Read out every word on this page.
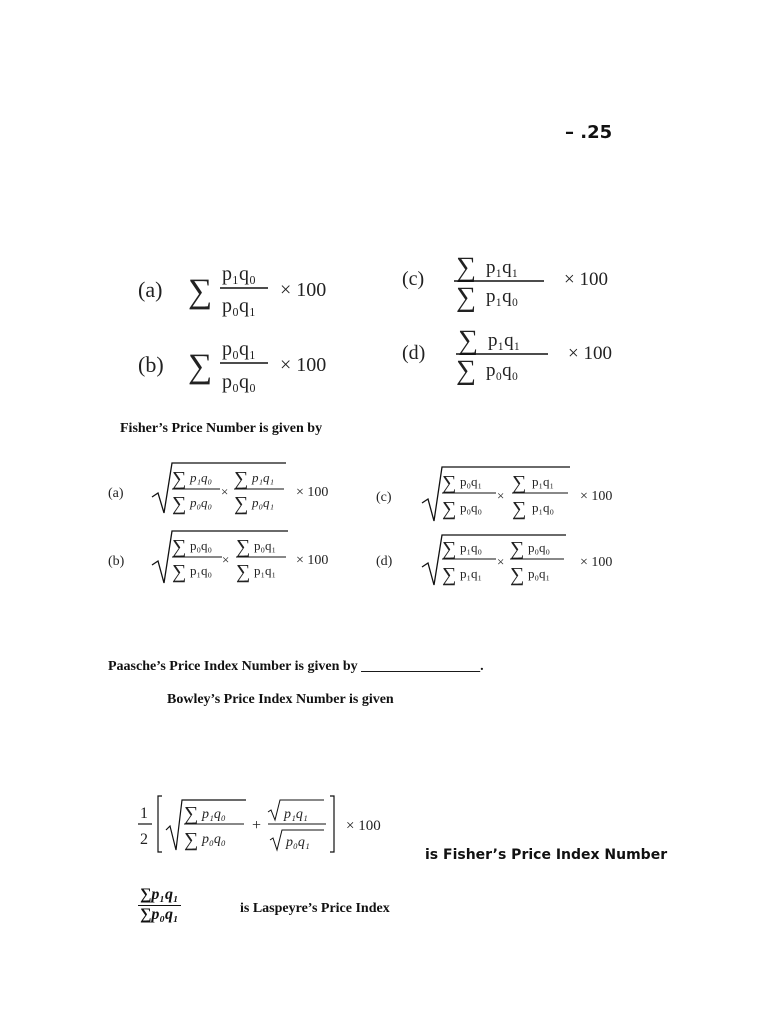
– .25
(a) ∑ p₁q₀
p₀q₁
× 100
(b) ∑ p₀q₁
p₀q₀
× 100
(c) ∑ p₁q₁
∑ p₁q₀
× 100
(d) ∑ p₁q₁
∑ p₀q₀
× 100
Fisher’s Price Number is given by
(a)
∑ p₁q₀
∑ p₀q₀
×
∑ p₁q₁
∑ p₀q₁
× 100
(b)
∑ p₀q₀
∑ p₁q₀
×
∑ p₀q₁
∑ p₁q₁
× 100
(c)
∑ p₀q₁
∑ p₀q₀
×
∑ p₁q₁
∑ p₁q₀
× 100
(d)
∑ p₁q₀
∑ p₁q₁
×
∑ p₀q₀
∑ p₀q₁
× 100
Paasche’s Price Index Number is given by _________________.
Bowley’s Price Index Number is given
1
2
∑ p₁q₀
∑ p₀q₀
+
p₁q₁
p₀q₁
× 100
is Fisher’s Price Index Number
$\frac{\text{∑p₁q₁}}{\text{∑p₀q₁}}$	is Laspeyre’s Price Index
